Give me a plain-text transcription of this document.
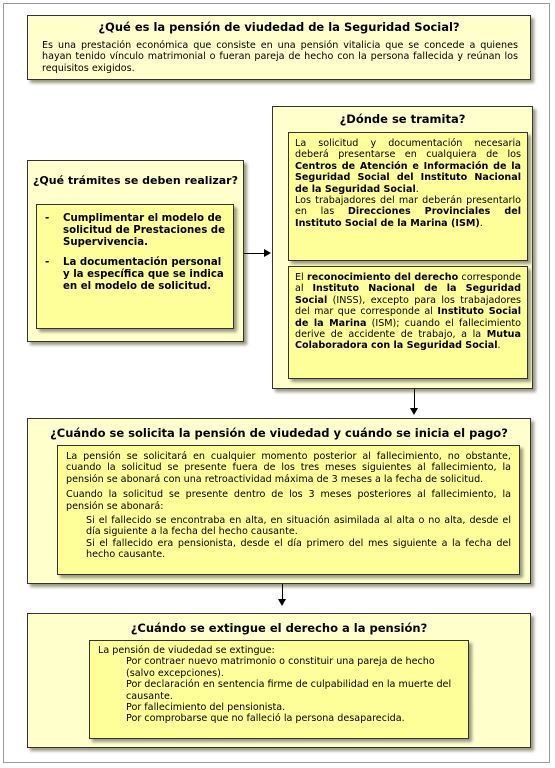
¿Qué es la pensión de viudedad de la Seguridad Social?
Es una prestación económica que consiste en una pensión vitalicia que se concede a quienes hayan tenido vínculo matrimonial o fueran pareja de hecho con la persona fallecida y reúnan los requisitos exigidos.
¿Qué trámites se deben realizar?
- Cumplimentar el modelo de solicitud de Prestaciones de Supervivencia.
- La documentación personal y la específica que se indica en el modelo de solicitud.
¿Dónde se tramita?
La solicitud y documentación necesaria deberá presentarse en cualquiera de los Centros de Atención e Información de la Seguridad Social del Instituto Nacional de la Seguridad Social.
Los trabajadores del mar deberán presentarlo en las Direcciones Provinciales del Instituto Social de la Marina (ISM).
El reconocimiento del derecho corresponde al Instituto Nacional de la Seguridad Social (INSS), excepto para los trabajadores del mar que corresponde al Instituto Social de la Marina (ISM); cuando el fallecimiento derive de accidente de trabajo, a la Mutua Colaboradora con la Seguridad Social.
¿Cuándo se solicita la pensión de viudedad y cuándo se inicia el pago?
La pensión se solicitará en cualquier momento posterior al fallecimiento, no obstante, cuando la solicitud se presente fuera de los tres meses siguientes al fallecimiento, la pensión se abonará con una retroactividad máxima de 3 meses a la fecha de solicitud.
Cuando la solicitud se presente dentro de los 3 meses posteriores al fallecimiento, la pensión se abonará:
Si el fallecido se encontraba en alta, en situación asimilada al alta o no alta, desde el día siguiente a la fecha del hecho causante.
Si el fallecido era pensionista, desde el día primero del mes siguiente a la fecha del hecho causante.
¿Cuándo se extingue el derecho a la pensión?
La pensión de viudedad se extingue:
Por contraer nuevo matrimonio o constituir una pareja de hecho (salvo excepciones).
Por declaración en sentencia firme de culpabilidad en la muerte del causante.
Por fallecimiento del pensionista.
Por comprobarse que no falleció la persona desaparecida.
